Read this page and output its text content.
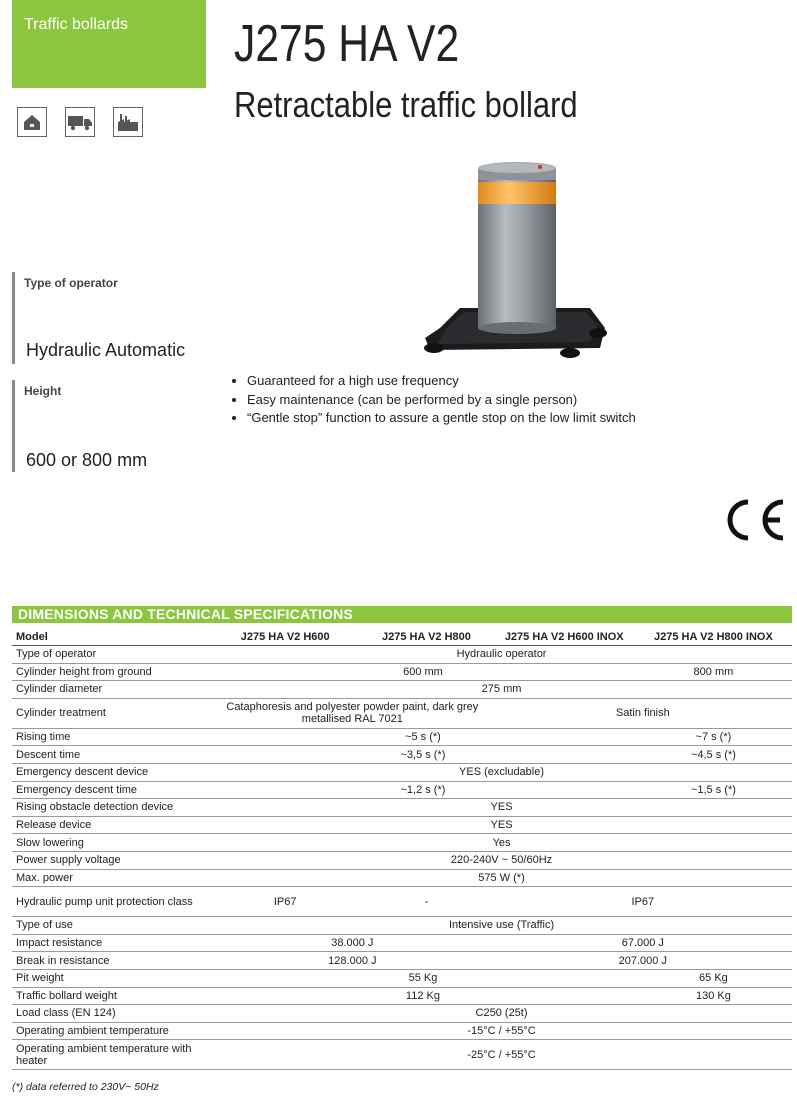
Traffic bollards J275 HA V2
Retractable traffic bollard
Type of operator
Hydraulic Automatic
Height
600 or 800 mm
• Guaranteed for a high use frequency
• Easy maintenance (can be performed by a single person)
• “Gentle stop” function to assure a gentle stop on the low limit switch
DIMENSIONS AND TECHNICAL SPECIFICATIONS
Model	J275 HA V2 H600	J275 HA V2 H800	J275 HA V2 H600 INOX	J275 HA V2 H800 INOX
Type of operator	Hydraulic operator			
Cylinder height from ground	600 mm			800 mm
Cylinder diameter	275 mm			
Cylinder treatment	Cataphoresis and polyester powder paint, dark grey metallised RAL 7021		Satin finish	
Rising time	~5 s (*)			~7 s (*)
Descent time	~3,5 s (*)			~4,5 s (*)
Emergency descent device	YES (excludable)			
Emergency descent time	~1,2 s (*)			~1,5 s (*)
Rising obstacle detection device	YES			
Release device	YES			
Slow lowering	Yes			
Power supply voltage	220-240V ~ 50/60Hz			
Max. power	575 W (*)			
Hydraulic pump unit protection class	IP67	-	IP67	
Type of use	Intensive use (Traffic)			
Impact resistance	38.000 J		67.000 J	
Break in resistance	128.000 J		207.000 J	
Pit weight	55 Kg			65 Kg
Traffic bollard weight	112 Kg			130 Kg
Load class (EN 124)	C250 (25t)			
Operating ambient temperature	-15°C / +55°C			
Operating ambient temperature with heater	-25°C / +55°C			
(*) data referred to 230V~ 50Hz
